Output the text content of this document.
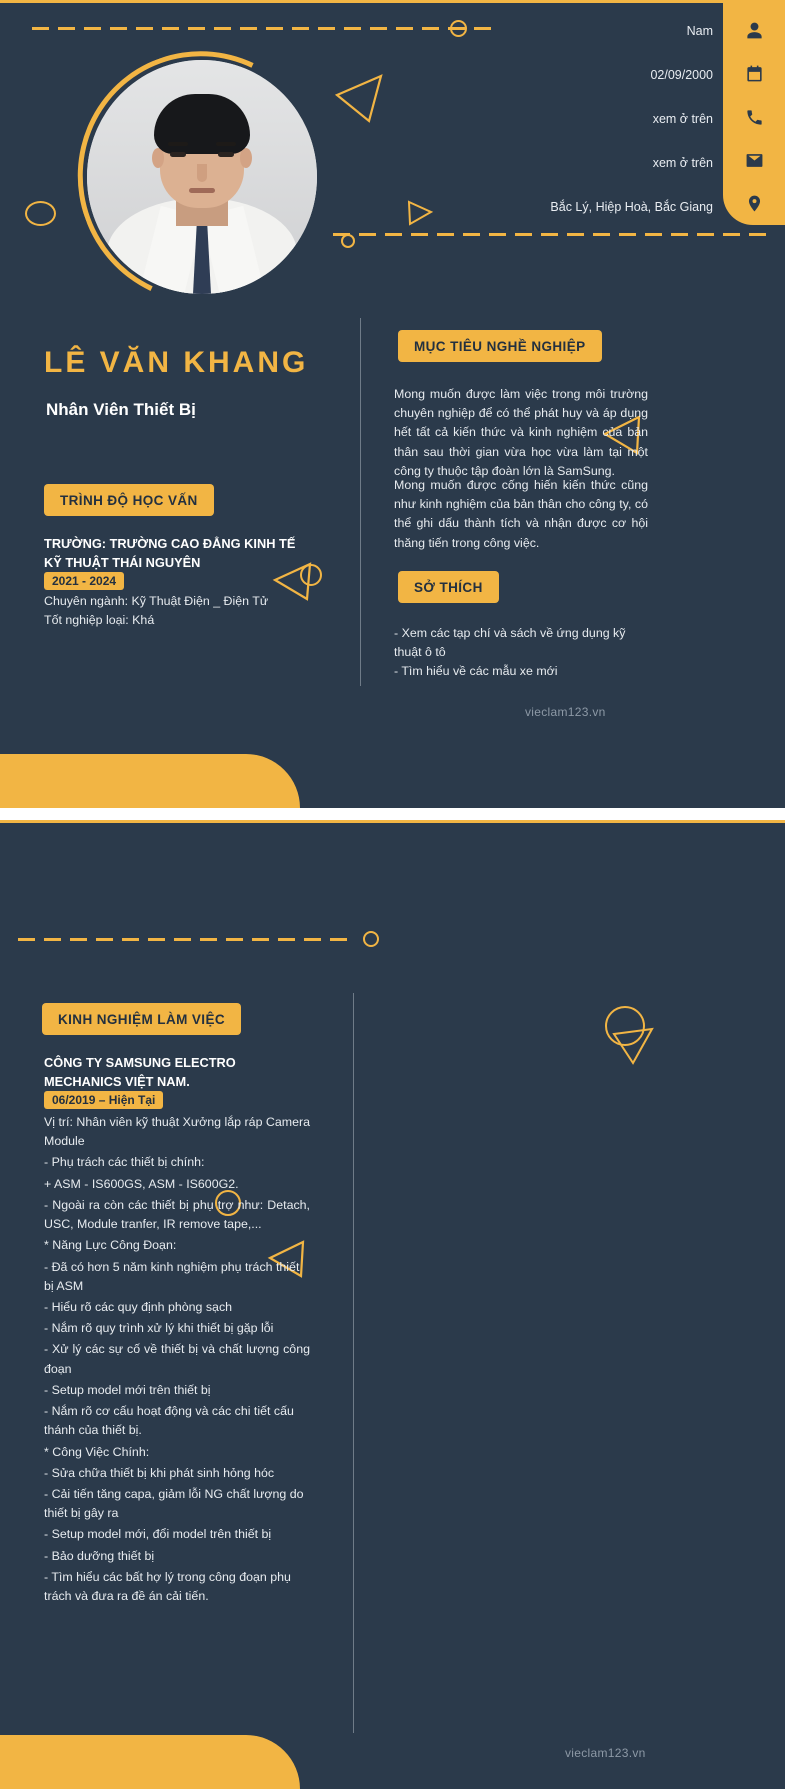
Nam
02/09/2000
xem ở trên
xem ở trên
Bắc Lý, Hiệp Hoà, Bắc Giang
LÊ VĂN KHANG
Nhân Viên Thiết Bị
MỤC TIÊU NGHỀ NGHIỆP
Mong muốn được làm việc trong môi trường chuyên nghiệp để có thể phát huy và áp dụng hết tất cả kiến thức và kinh nghiệm của bản thân sau thời gian vừa học vừa làm tại một công ty thuộc tập đoàn lớn là SamSung.
Mong muốn được cống hiến kiến thức cũng như kinh nghiệm của bản thân cho công ty, có thể ghi dấu thành tích và nhận được cơ hội thăng tiến trong công việc.
SỞ THÍCH
- Xem các tạp chí và sách về ứng dụng kỹ thuật ô tô
- Tìm hiểu về các mẫu xe mới
TRÌNH ĐỘ HỌC VẤN
TRƯỜNG: TRƯỜNG CAO ĐẲNG KINH TẾ KỸ THUẬT THÁI NGUYÊN
2021 - 2024
Chuyên ngành: Kỹ Thuật Điện _ Điện Tử
Tốt nghiệp loại: Khá
vieclam123.vn
KINH NGHIỆM LÀM VIỆC
CÔNG TY SAMSUNG ELECTRO MECHANICS VIỆT NAM.
06/2019 – Hiện Tại
Vị trí: Nhân viên kỹ thuật Xưởng lắp ráp Camera Module
- Phụ trách các thiết bị chính:
+ ASM - IS600GS, ASM - IS600G2.
- Ngoài ra còn các thiết bị phụ trợ như: Detach, USC, Module tranfer, IR remove tape,...
* Năng Lực Công Đoạn:
- Đã có hơn 5 năm kinh nghiệm phụ trách thiết bị ASM
- Hiểu rõ các quy định phòng sạch
- Nắm rõ quy trình xử lý khi thiết bị gặp lỗi
- Xử lý các sự cố về thiết bị và chất lượng công đoạn
- Setup model mới trên thiết bị
- Nắm rõ cơ cấu hoạt động và các chi tiết cấu thánh của thiết bị.
* Công Việc Chính:
- Sửa chữa thiết bị khi phát sinh hỏng hóc
- Cải tiến tăng capa, giảm lỗi NG chất lượng do thiết bị gây ra
- Setup model mới, đổi model trên thiết bị
- Bảo dưỡng thiết bị
- Tìm hiểu các bất hợ lý trong công đoạn phụ trách và đưa ra đề án cải tiến.
vieclam123.vn
